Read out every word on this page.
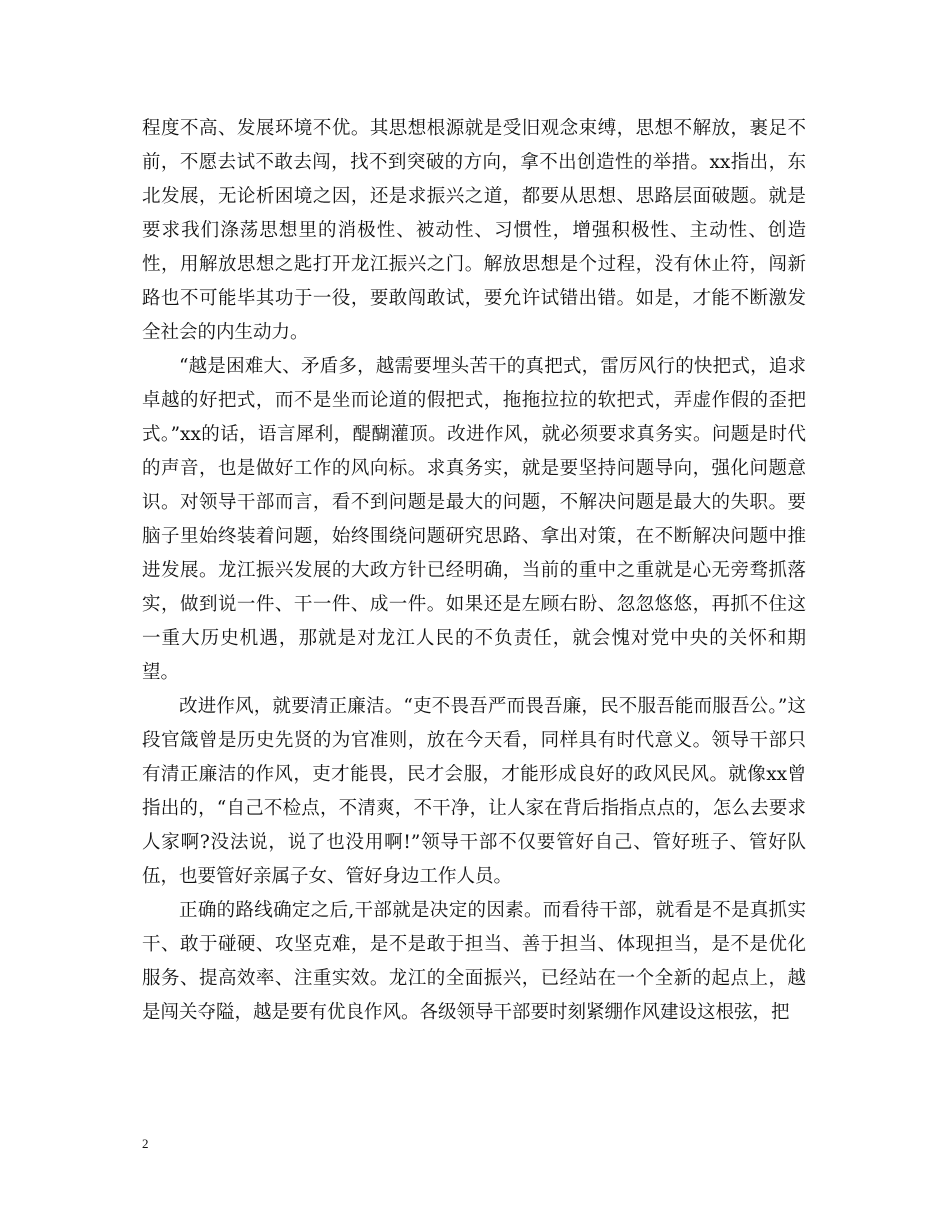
程度不高、发展环境不优。其思想根源就是受旧观念束缚，思想不解放，裹足不前，不愿去试不敢去闯，找不到突破的方向，拿不出创造性的举措。xx指出，东北发展，无论析困境之因，还是求振兴之道，都要从思想、思路层面破题。就是要求我们涤荡思想里的消极性、被动性、习惯性，增强积极性、主动性、创造性，用解放思想之匙打开龙江振兴之门。解放思想是个过程，没有休止符，闯新路也不可能毕其功于一役，要敢闯敢试，要允许试错出错。如是，才能不断激发全社会的内生动力。

“越是困难大、矛盾多，越需要埋头苦干的真把式，雷厉风行的快把式，追求卓越的好把式，而不是坐而论道的假把式，拖拖拉拉的软把式，弄虚作假的歪把式。”xx的话，语言犀利，醍醐灌顶。改进作风，就必须要求真务实。问题是时代的声音，也是做好工作的风向标。求真务实，就是要坚持问题导向，强化问题意识。对领导干部而言，看不到问题是最大的问题，不解决问题是最大的失职。要脑子里始终装着问题，始终围绕问题研究思路、拿出对策，在不断解决问题中推进发展。龙江振兴发展的大政方针已经明确，当前的重中之重就是心无旁骛抓落实，做到说一件、干一件、成一件。如果还是左顾右盼、忽忽悠悠，再抓不住这一重大历史机遇，那就是对龙江人民的不负责任，就会愧对党中央的关怀和期望。

改进作风，就要清正廉洁。“吏不畏吾严而畏吾廉，民不服吾能而服吾公。”这段官箴曾是历史先贤的为官准则，放在今天看，同样具有时代意义。领导干部只有清正廉洁的作风，吏才能畏，民才会服，才能形成良好的政风民风。就像xx曾指出的，“自己不检点，不清爽，不干净，让人家在背后指指点点的，怎么去要求人家啊?没法说，说了也没用啊!”领导干部不仅要管好自己、管好班子、管好队伍，也要管好亲属子女、管好身边工作人员。

正确的路线确定之后,干部就是决定的因素。而看待干部，就看是不是真抓实干、敢于碰硬、攻坚克难，是不是敢于担当、善于担当、体现担当，是不是优化服务、提高效率、注重实效。龙江的全面振兴，已经站在一个全新的起点上，越是闯关夺隘，越是要有优良作风。各级领导干部要时刻紧绷作风建设这根弦，把

2
